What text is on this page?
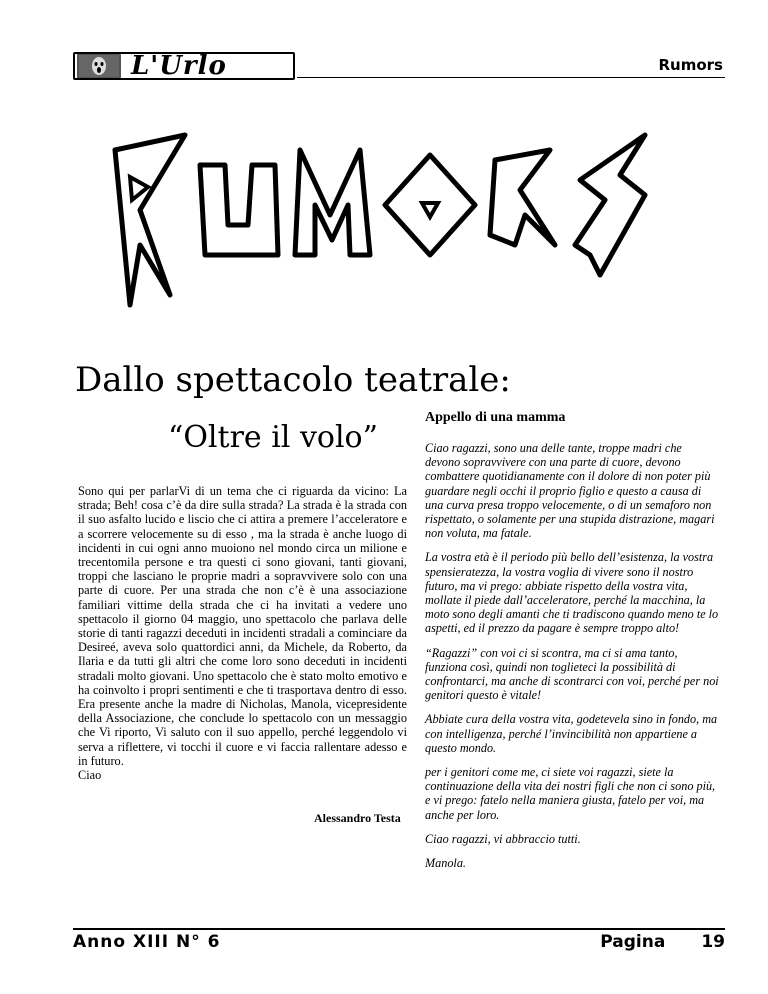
L'Urlo	Rumors
Dallo spettacolo teatrale:
“Oltre il volo”

Sono qui per parlarVi di un tema che ci riguarda da vicino: La strada; Beh! cosa c’è da dire sulla strada? La strada è la strada con il suo asfalto lucido e liscio che ci attira a premere l’acceleratore e a scorrere velocemente su di esso , ma la strada è anche luogo di incidenti in cui ogni anno muoiono nel mondo circa un milione e trecentomila persone e tra questi ci sono giovani, tanti giovani, troppi che lasciano le proprie madri a sopravvivere solo con una parte di cuore. Per una strada che non c’è è una associazione familiari vittime della strada che ci ha invitati a vedere uno spettacolo il giorno 04 maggio, uno spettacolo che parlava delle storie di tanti ragazzi deceduti in incidenti stradali a cominciare da Desireé, aveva solo quattordici anni, da Michele, da Roberto, da Ilaria e da tutti gli altri che come loro sono deceduti in incidenti stradali molto giovani. Uno spettacolo che è stato molto emotivo e ha coinvolto i propri sentimenti e che ti trasportava dentro di esso. Era presente anche la madre di Nicholas, Manola, vicepresidente della Associazione, che conclude lo spettacolo con un messaggio che Vi riporto, Vi saluto con il suo appello, perché leggendolo vi serva a riflettere, vi tocchi il cuore e vi faccia rallentare adesso e in futuro.

Ciao

Alessandro Testa
Appello di una mamma

Ciao ragazzi, sono una delle tante, troppe madri che devono sopravvivere con una parte di cuore, devono combattere quotidianamente con il dolore di non poter più guardare negli occhi il proprio figlio e questo a causa di una curva presa troppo velocemente, o di un semaforo non rispettato, o solamente per una stupida distrazione, magari non voluta, ma fatale.

La vostra età è il periodo più bello dell’esistenza, la vostra spensieratezza, la vostra voglia di vivere sono il nostro futuro, ma vi prego: abbiate rispetto della vostra vita, mollate il piede dall’acceleratore, perché la macchina, la moto sono degli amanti che ti tradiscono quando meno te lo aspetti, ed il prezzo da pagare è sempre troppo alto!

“Ragazzi” con voi ci si scontra, ma ci si ama tanto, funziona così, quindi non toglieteci la possibilità di confrontarci, ma anche di scontrarci con voi, perché per noi genitori questo è vitale!

Abbiate cura della vostra vita, godetevela sino in fondo, ma con intelligenza, perché l’invincibilità non appartiene a questo mondo.

per i genitori come me, ci siete voi ragazzi, siete la continuazione della vita dei nostri figli che non ci sono più, e vi prego: fatelo nella maniera giusta, fatelo per voi, ma anche per loro.

Ciao ragazzi, vi abbraccio tutti.

Manola.

Anno XIII N° 6	Pagina 19
